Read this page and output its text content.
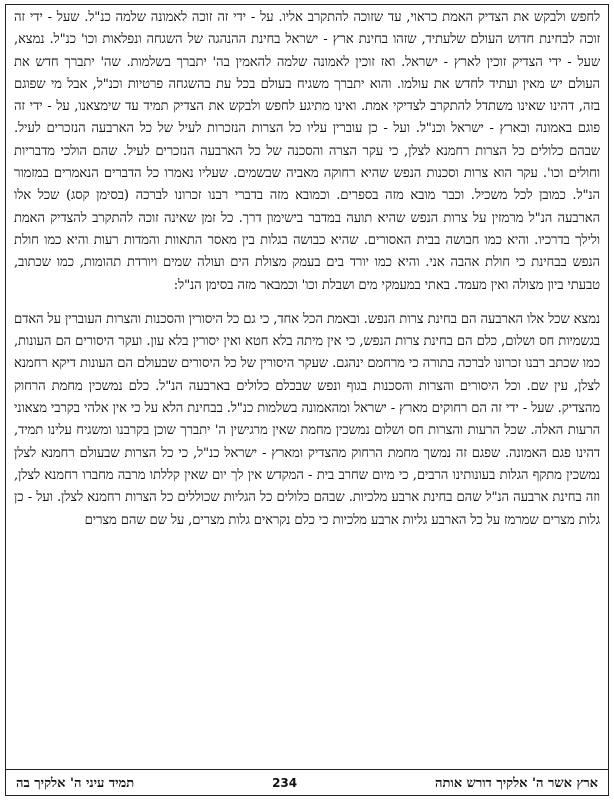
לחפש ולבקש את הצדיק האמת כראוי, עד שזוכה להתקרב אליו. על - ידי זה זוכה לאמונה שלמה כנ"ל. שעל - ידי זה זוכה לבחינת חדוש העולם שלעתיד, שזהו בחינת ארץ - ישראל בחינת ההנהגה של השגחה ונפלאות וכו' כנ"ל. נמצא, שעל - ידי הצדיק זוכין לארץ - ישראל. ואז זוכין לאמונה שלמה להאמין בה' יתברך בשלמות. שה' יתברך חדש את העולם יש מאין ועתיד לחדש את עולמו. והוא יתברך משגיח בעולם בכל עת בהשגחה פרטיות וכנ"ל, אבל מי שפוגם בזה, דהינו שאינו משתדל להתקרב לצדיקי אמת. ואינו מתיגע לחפש ולבקש את הצדיק תמיד עד שימצאנו, על - ידי זה פוגם באמונה ובארץ - ישראל וכנ"ל. ועל - כן עוברין עליו כל הצרות הנזכרות לעיל של כל הארבעה הנזכרים לעיל. שבהם כלולים כל הצרות רחמנא לצלן, כי עקר הצרה והסכנה של כל הארבעה הנזכרים לעיל. שהם הולכי מדבריות וחולים וכו'. עקר הוא צרות וסכנות הנפש שהיא רחוקה מאביה שבשמים. שעליו נאמרו כל הדברים הנאמרים במזמור הנ"ל. כמובן לכל משכיל. וכבר מובא מזה בספרים. וכמובא מזה בדברי רבנו זכרונו לברכה (בסימן קסג) שכל אלו הארבעה הנ"ל מרמזין על צרות הנפש שהיא תועה במדבר בישימון דרך. כל זמן שאינה זוכה להתקרב להצדיק האמת ולילך בדרכיו. והיא כמו חבושה בבית האסורים. שהיא כבושה בגלות בין מאסר התאוות והמדות רעות והיא כמו חולת הנפש בבחינת כי חולת אהבה אני. והיא כמו יורד בים בעמק מצולת הים ועולה שמים ויורדת תהומות, כמו שכתוב, טבעתי ביון מצולה ואין מעמד. באתי במעמקי מים ושבלת וכו' וכמבאר מזה בסימן הנ"ל:

נמצא שכל אלו הארבעה הם בחינת צרות הנפש. ובאמת הכל אחד, כי גם כל היסורין והסכנות והצרות העוברין על האדם בגשמיות חס ושלום, כלם הם בחינת צרות הנפש, כי אין מיתה בלא חטא ואין יסורין בלא עון. ועקר היסורים הם העונות, כמו שכתב רבנו זכרונו לברכה בתורה כי מרחמם ינהגם. שעקר היסורין של כל היסורים שבעולם הם העונות דיקא רחמנא לצלן, עין שם. וכל היסורים והצרות והסכנות בגוף ונפש שבכלם כלולים בארבעה הנ"ל. כלם נמשכין מחמת הרחוק מהצדיק. שעל - ידי זה הם רחוקים מארץ - ישראל ומהאמונה בשלמות כנ"ל. בבחינת הלא על כי אין אלהי בקרבי מצאוני הרעות האלה. שכל הרעות והצרות חס ושלום נמשכין מחמת שאין מרגישין ה' יתברך שוכן בקרבנו ומשגיח עלינו תמיד, דהינו פגם האמונה. שפגם זה נמשך מחמת הרחוק מהצדיק ומארץ - ישראל כנ"ל, כי כל הצרות שבעולם רחמנא לצלן נמשכין מתקף הגלות בעונותינו הרבים, כי מיום שחרב בית - המקדש אין לך יום שאין קללתו מרבה מחברו רחמנא לצלן, וזה בחינת ארבעה הנ"ל שהם בחינת ארבע מלכיות. שבהם כלולים כל הגליות שכוללים כל הצרות רחמנא לצלן. ועל - כן גלות מצרים שמרמז על כל הארבע גליות ארבע מלכיות כי כלם נקראים גלות מצרים, על שם שהם מצרים

ארץ אשר ה' אלקיך דורש אותה
234
תמיד עיני ה' אלקיך בה
